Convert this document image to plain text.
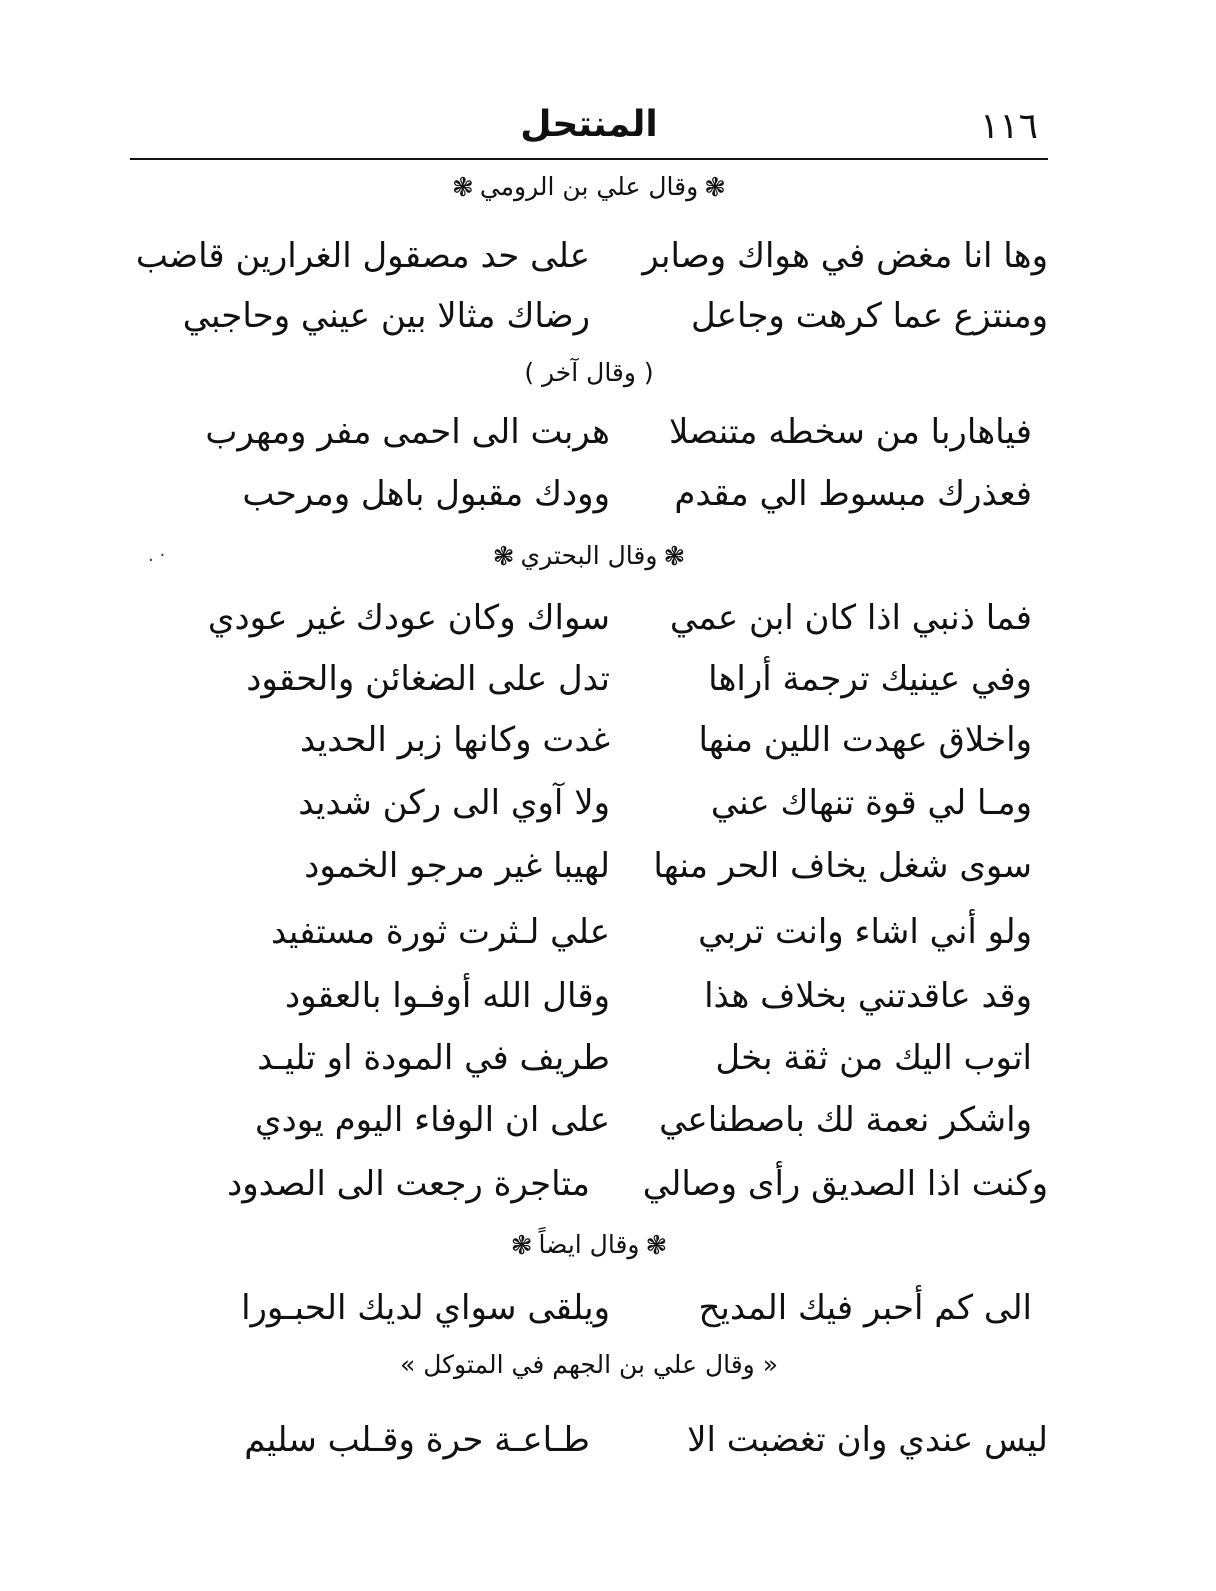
١١٦
المنتحل
❃وقال علي بن الرومي❃
وها انا مغض في هواك وصابر
على حد مصقول الغرارين قاضب
ومنتزع عما كرهت وجاعل
رضاك مثالا بين عيني وحاجبي
( وقال آخر )
فياهاربا من سخطه متنصلا
هربت الى احمى مفر ومهرب
فعذرك مبسوط الي مقدم
وودك مقبول باهل ومرحب
· .	❃وقال البحتري❃
فما ذنبي اذا كان ابن عمي
سواك وكان عودك غير عودي
وفي عينيك ترجمة أراها
تدل على الضغائن والحقود
واخلاق عهدت اللين منها
غدت وكانها زبر الحديد
ومـا لي قوة تنهاك عني
ولا آوي الى ركن شديد
سوى شغل يخاف الحر منها
لهيبا غير مرجو الخمود
ولو أني اشاء وانت تربي
علي لـثرت ثورة مستفيد
وقد عاقدتني بخلاف هذا
وقال الله أوفـوا بالعقود
اتوب اليك من ثقة بخل
طريف في المودة او تليـد
واشكر نعمة لك باصطناعي
على ان الوفاء اليوم يودي
وكنت اذا الصديق رأى وصالي
متاجرة رجعت الى الصدود
❃وقال ايضاً❃
الى كم أحبر فيك المديح
ويلقى سواي لديك الحبـورا
« وقال علي بن الجهم في المتوكل »
ليس عندي وان تغضبت الا
طـاعـة حرة وقـلب سليم
